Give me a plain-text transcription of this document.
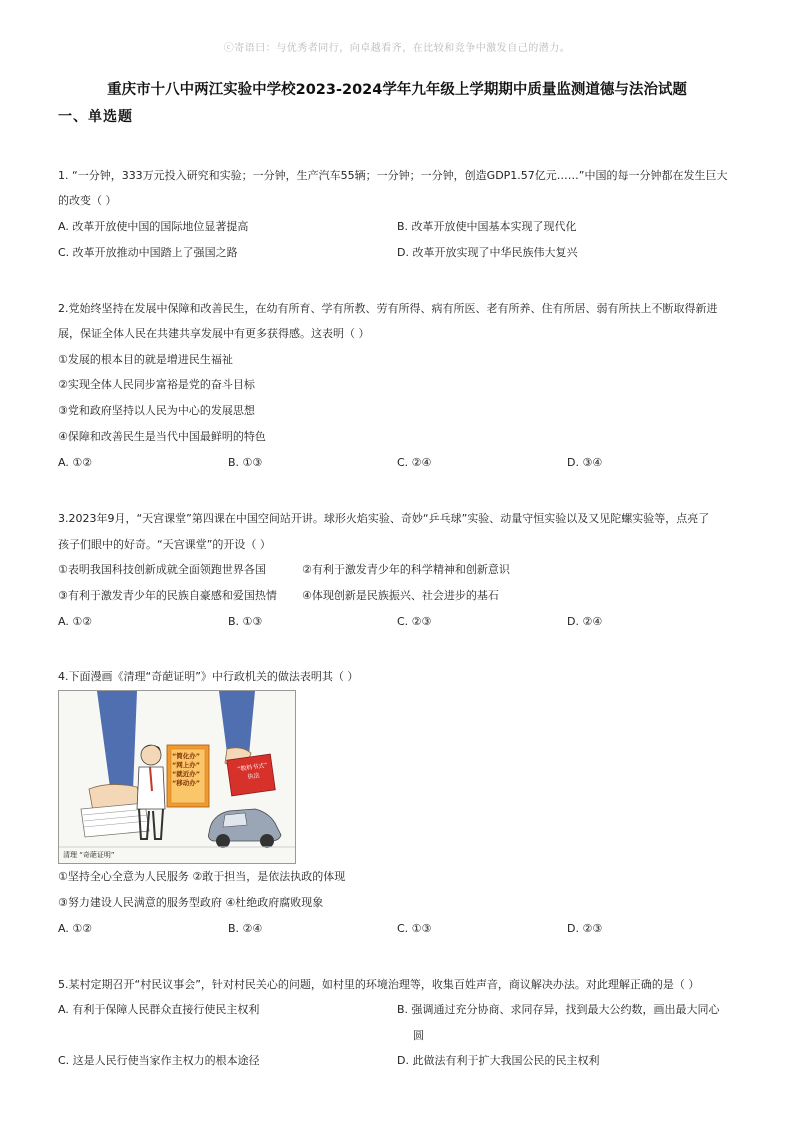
ⓒ寄语曰：与优秀者同行，向卓越看齐，在比较和竞争中激发自己的潜力。
重庆市十八中两江实验中学校2023-2024学年九年级上学期期中质量监测道德与法治试题
一、单选题
1. “一分钟，333万元投入研究和实验；一分钟，生产汽车55辆；一分钟；一分钟，创造GDP1.57亿元……”中国的每一分钟都在发生巨大
的改变（ ）
A. 改革开放使中国的国际地位显著提高	B. 改革开放使中国基本实现了现代化
C. 改革开放推动中国踏上了强国之路	D. 改革开放实现了中华民族伟大复兴
2.党始终坚持在发展中保障和改善民生，在幼有所育、学有所教、劳有所得、病有所医、老有所养、住有所居、弱有所扶上不断取得新进
展，保证全体人民在共建共享发展中有更多获得感。这表明（ ）
①发展的根本目的就是增进民生福祉
②实现全体人民同步富裕是党的奋斗目标
③党和政府坚持以人民为中心的发展思想
④保障和改善民生是当代中国最鲜明的特色
A. ①②	B. ①③	C. ②④	D. ③④
3.2023年9月，“天宫课堂”第四课在中国空间站开讲。球形火焰实验、奇妙“乒乓球”实验、动量守恒实验以及又见陀螺实验等，点亮了
孩子们眼中的好奇。“天宫课堂”的开设（ ）
①表明我国科技创新成就全面领跑世界各国	②有利于激发青少年的科学精神和创新意识
③有利于激发青少年的民族自豪感和爱国热情 ④体现创新是民族振兴、社会进步的基石
A. ①②	B. ①③	C. ②③	D. ②④
4.下面漫画《清理“奇葩证明”》中行政机关的做法表明其（ ）
“简化办”
“网上办”
“就近办”
“移动办”
“数料书式”
执法
清理 “奇葩证明”
①坚持全心全意为人民服务 ②敢于担当，是依法执政的体现
③努力建设人民满意的服务型政府 ④杜绝政府腐败现象
A. ①②	B. ②④	C. ①③	D. ②③
5.某村定期召开“村民议事会”，针对村民关心的问题，如村里的环境治理等，收集百姓声音，商议解决办法。对此理解正确的是（ ）
A. 有利于保障人民群众直接行使民主权利	B. 强调通过充分协商、求同存异，找到最大公约数，画出最大同心
圆
C. 这是人民行使当家作主权力的根本途径	D. 此做法有利于扩大我国公民的民主权利
